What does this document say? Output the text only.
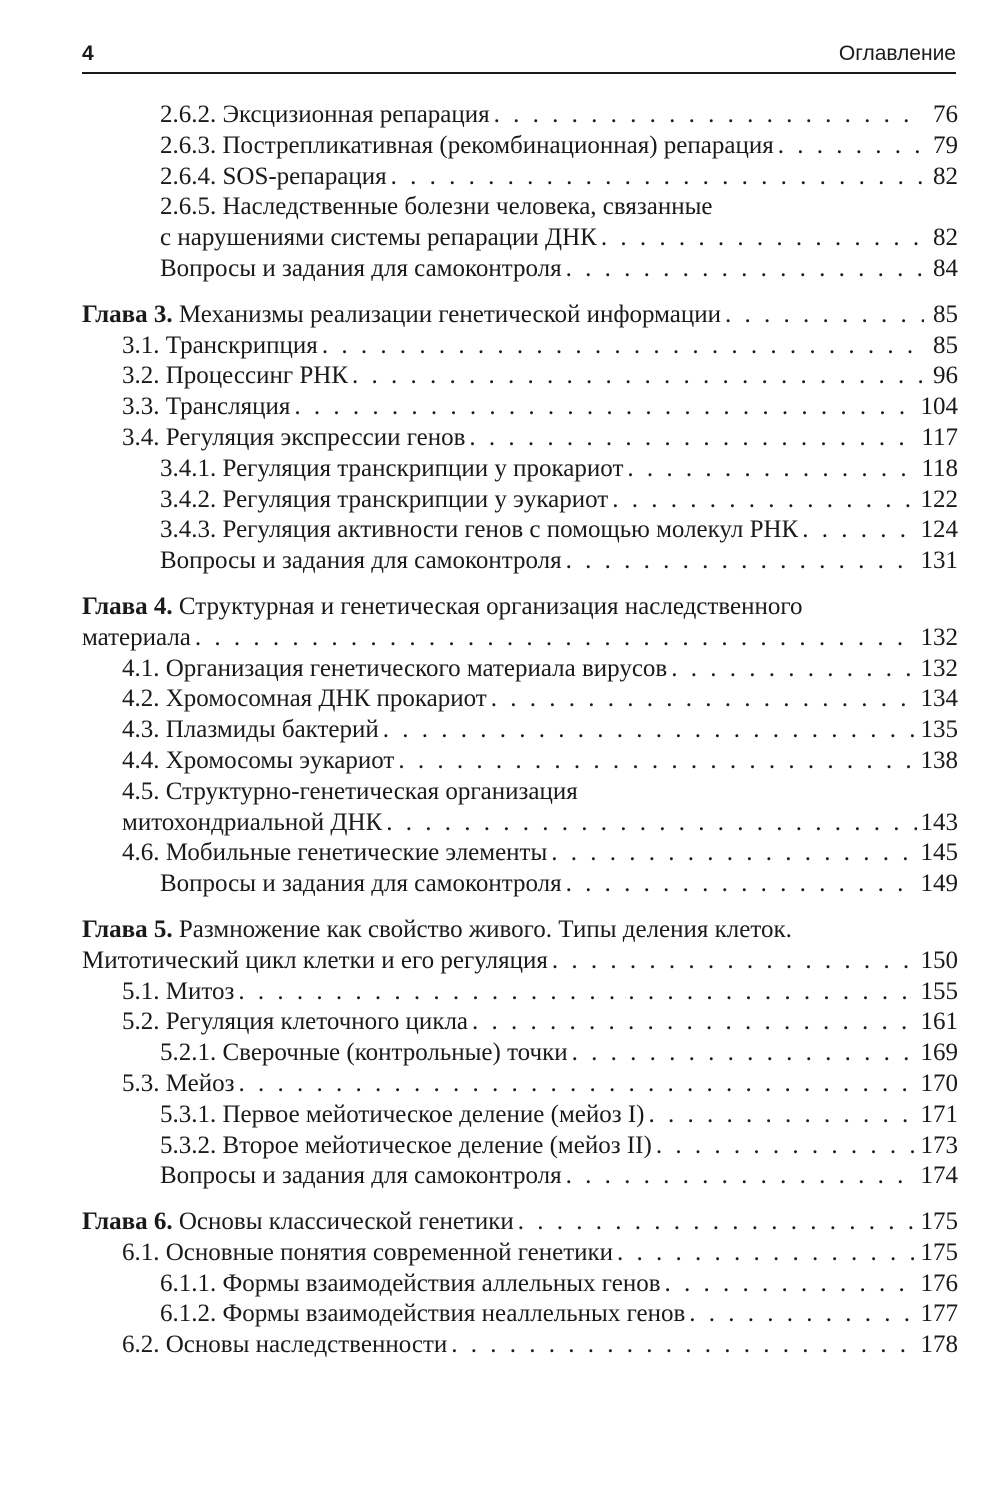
4	Оглавление
2.6.2. Эксцизионная репарация . . .	76
2.6.3. Пострепликативная (рекомбинационная) репарация . . .	79
2.6.4. SOS-репарация . . .	82
2.6.5. Наследственные болезни человека, связанные
с нарушениями системы репарации ДНК . . .	82
Вопросы и задания для самоконтроля . . .	84
Глава 3. Механизмы реализации генетической информации . . .	85
3.1. Транскрипция . . .	85
3.2. Процессинг РНК . . .	96
3.3. Трансляция . . .	104
3.4. Регуляция экспрессии генов . . .	117
3.4.1. Регуляция транскрипции у прокариот . . .	118
3.4.2. Регуляция транскрипции у эукариот . . .	122
3.4.3. Регуляция активности генов с помощью молекул РНК . . .	124
Вопросы и задания для самоконтроля . . .	131
Глава 4. Структурная и генетическая организация наследственного
материала . . .	132
4.1. Организация генетического материала вирусов . . .	132
4.2. Хромосомная ДНК прокариот . . .	134
4.3. Плазмиды бактерий . . .	135
4.4. Хромосомы эукариот . . .	138
4.5. Структурно-генетическая организация
митохондриальной ДНК . . .	143
4.6. Мобильные генетические элементы . . .	145
Вопросы и задания для самоконтроля . . .	149
Глава 5. Размножение как свойство живого. Типы деления клеток.
Митотический цикл клетки и его регуляция . . .	150
5.1. Митоз . . .	155
5.2. Регуляция клеточного цикла . . .	161
5.2.1. Сверочные (контрольные) точки . . .	169
5.3. Мейоз . . .	170
5.3.1. Первое мейотическое деление (мейоз I) . . .	171
5.3.2. Второе мейотическое деление (мейоз II) . . .	173
Вопросы и задания для самоконтроля . . .	174
Глава 6. Основы классической генетики . . .	175
6.1. Основные понятия современной генетики . . .	175
6.1.1. Формы взаимодействия аллельных генов . . .	176
6.1.2. Формы взаимодействия неаллельных генов . . .	177
6.2. Основы наследственности . . .	178
